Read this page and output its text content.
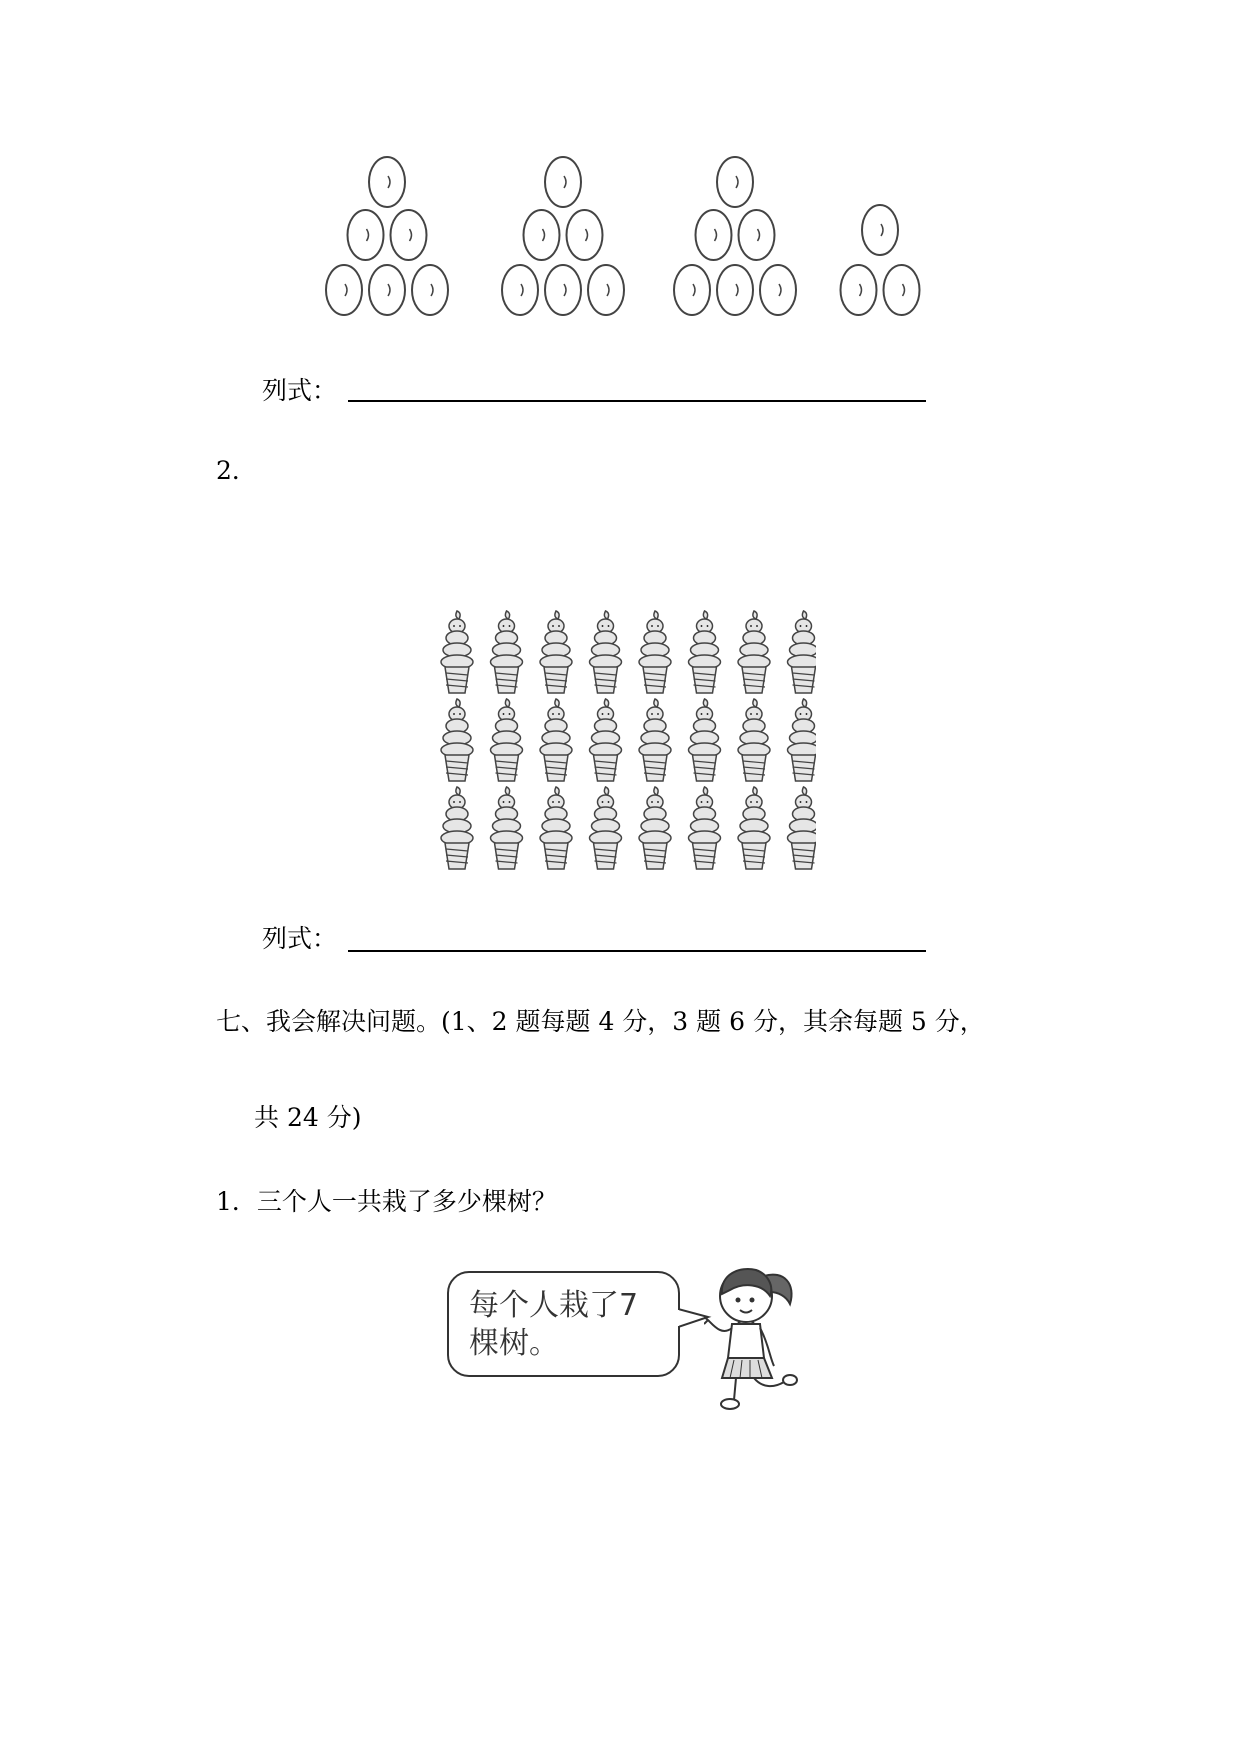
列式：
2．
列式：
七、我会解决问题。(1、2 题每题 4 分，3 题 6 分，其余每题 5 分，
共 24 分)
1．三个人一共栽了多少棵树？
每个人栽了7
棵树。
